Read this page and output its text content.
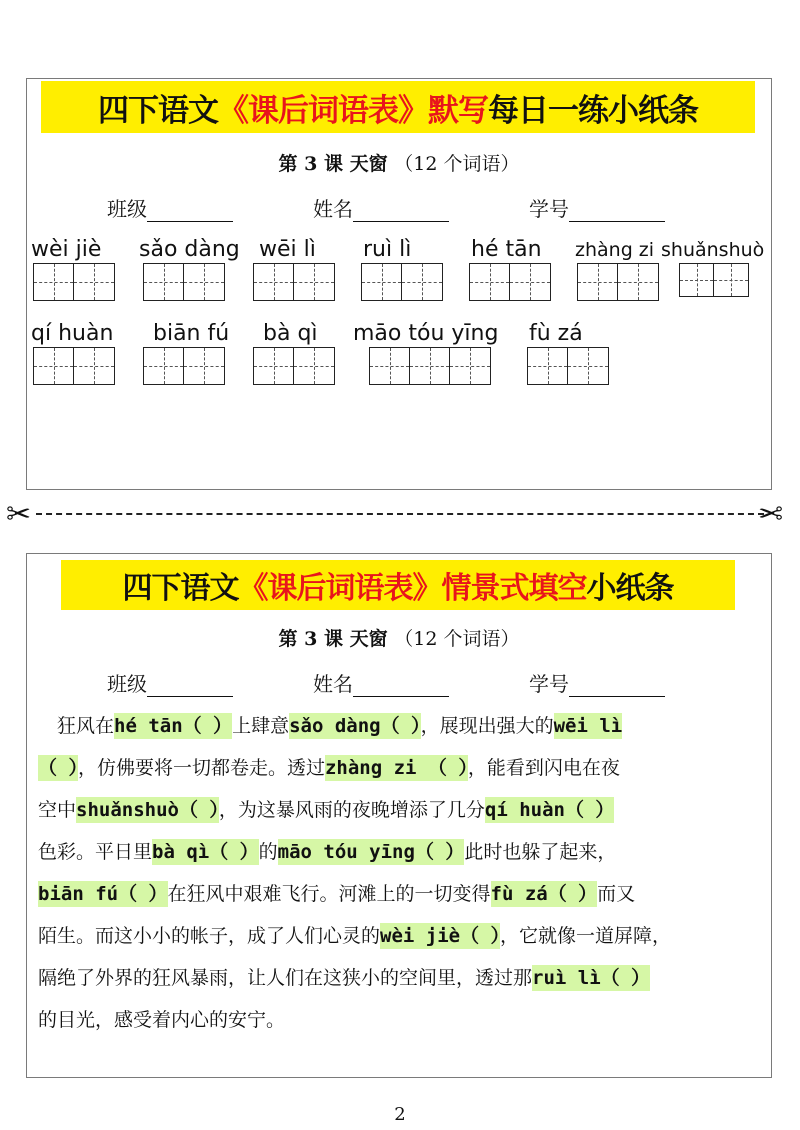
四下语文 《课后词语表》 默写 每日一练小纸条
第 3 课 天窗 （12 个词语）
班级	姓名	学号
wèi jiè sǎo dàng wēi lì ruì lì	hé tān zhàng zi shuǎnshuò
qí huàn biān fú bà qì māo tóu yīng fù zá
✂	✂
四下语文 《课后词语表》 情景式填空 小纸条
第 3 课 天窗 （12 个词语）
班级	姓名	学号
　狂风在hé tān（ ）上肆意sǎo dàng（ ），展现出强大的wēi lì
（ ），仿佛要将一切都卷走。透过zhàng zi （ ），能看到闪电在夜
空中shuǎnshuò（ ），为这暴风雨的夜晚增添了几分qí huàn（ ）
色彩。平日里bà qì（ ）的māo tóu yīng（ ）此时也躲了起来，
biān fú（ ）在狂风中艰难飞行。河滩上的一切变得fù zá（ ）而又
陌生。而这小小的帐子，成了人们心灵的wèi jiè（ ），它就像一道屏障，
隔绝了外界的狂风暴雨，让人们在这狭小的空间里，透过那ruì lì（ ）
的目光，感受着内心的安宁。
2
